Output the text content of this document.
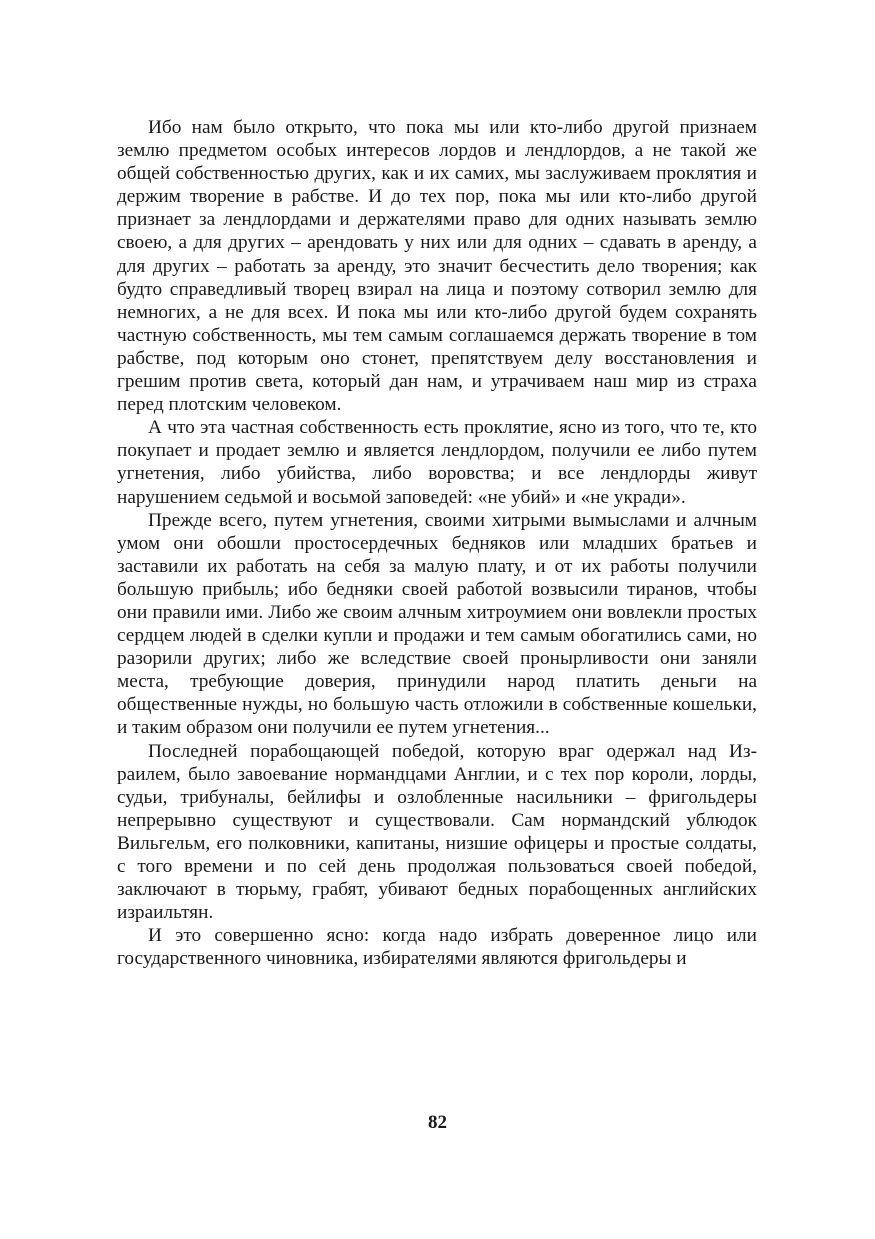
Ибо нам было открыто, что пока мы или кто-либо другой признаем землю предметом особых интересов лордов и лендлордов, а не такой же общей собственностью других, как и их самих, мы заслуживаем проклятия и держим творение в рабстве. И до тех пор, пока мы или кто-либо другой признает за лендлордами и держателями право для одних называть землю своею, а для других – арендовать у них или для одних – сдавать в аренду, а для других – работать за аренду, это значит бесчестить дело творения; как будто справедливый творец взирал на лица и поэтому сотворил землю для немногих, а не для всех. И пока мы или кто-либо другой будем сохранять частную собственность, мы тем самым соглашаемся держать творение в том рабстве, под которым оно стонет, препятствуем делу восстановления и грешим против света, который дан нам, и утрачиваем наш мир из страха перед плотским человеком.

А что эта частная собственность есть проклятие, ясно из того, что те, кто покупает и продает землю и является лендлордом, получили ее либо путем угнетения, либо убийства, либо воровства; и все лендлорды живут нарушением седьмой и восьмой заповедей: «не убий» и «не укради».

Прежде всего, путем угнетения, своими хитрыми вымыслами и алчным умом они обошли простосердечных бедняков или младших братьев и заставили их работать на себя за малую плату, и от их работы получили большую прибыль; ибо бедняки своей работой возвысили тиранов, чтобы они правили ими. Либо же своим алчным хитроумием они вовлекли простых сердцем людей в сделки купли и продажи и тем самым обогатились сами, но разорили других; либо же вследствие своей пронырливости они заняли места, требующие доверия, принудили народ платить деньги на общественные нужды, но большую часть отложили в собственные кошельки, и таким образом они получили ее путем угнетения...

Последней порабощающей победой, которую враг одержал над Израилем, было завоевание нормандцами Англии, и с тех пор короли, лорды, судьи, трибуналы, бейлифы и озлобленные насильники – фригольдеры непрерывно существуют и существовали. Сам нормандский ублюдок Вильгельм, его полковники, капитаны, низшие офицеры и простые солдаты, с того времени и по сей день продолжая пользоваться своей победой, заключают в тюрьму, грабят, убивают бедных порабощенных английских израильтян.

И это совершенно ясно: когда надо избрать доверенное лицо или государственного чиновника, избирателями являются фригольдеры и

82
